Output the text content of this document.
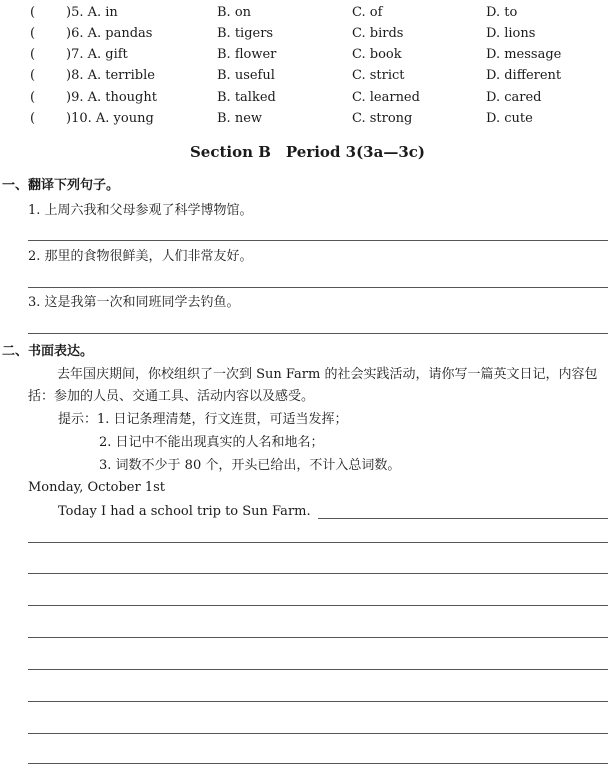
( )5. A. in	B. on	C. of	D. to
( )6. A. pandas	B. tigers	C. birds	D. lions
( )7. A. gift	B. flower	C. book	D. message
( )8. A. terrible	B. useful	C. strict	D. different
( )9. A. thought	B. talked	C. learned	D. cared
( )10. A. young	B. new	C. strong	D. cute
Section B　Period 3(3a—3c)
一、翻译下列句子。
1. 上周六我和父母参观了科学博物馆。
2. 那里的食物很鲜美，人们非常友好。
3. 这是我第一次和同班同学去钓鱼。
二、书面表达。
去年国庆期间，你校组织了一次到 Sun Farm 的社会实践活动，请你写一篇英文日记，内容包括：参加的人员、交通工具、活动内容以及感受。
提示：1. 日记条理清楚，行文连贯，可适当发挥；
2. 日记中不能出现真实的人名和地名；
3. 词数不少于 80 个，开头已给出，不计入总词数。
Monday, October 1st
Today I had a school trip to Sun Farm.
